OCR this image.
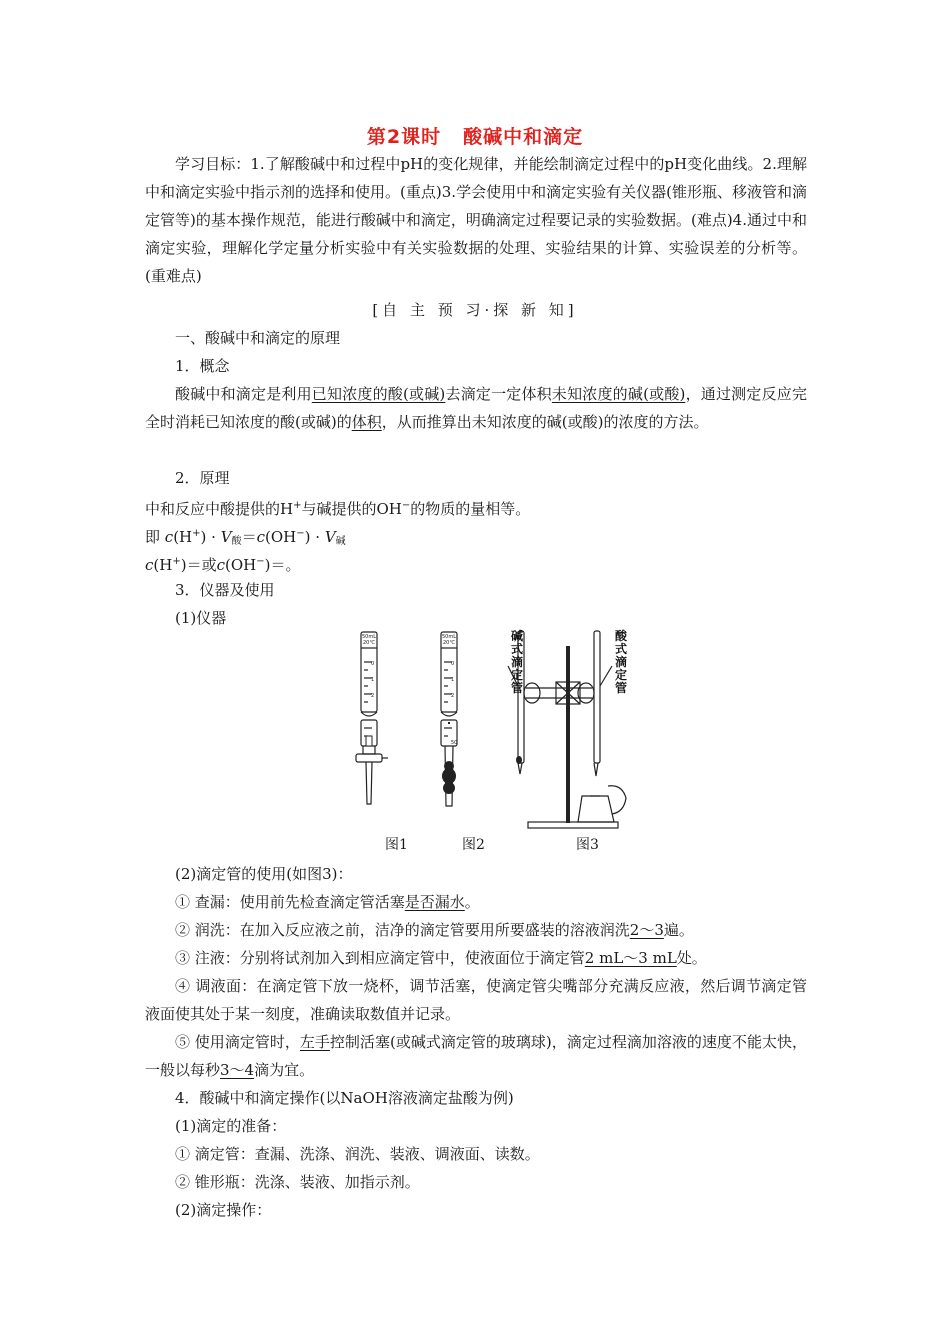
第2课时 酸碱中和滴定
学习目标：1.了解酸碱中和过程中pH的变化规律，并能绘制滴定过程中的pH变化曲线。2.理解中和滴定实验中指示剂的选择和使用。(重点)3.学会使用中和滴定实验有关仪器(锥形瓶、移液管和滴定管等)的基本操作规范，能进行酸碱中和滴定，明确滴定过程要记录的实验数据。(难点)4.通过中和滴定实验，理解化学定量分析实验中有关实验数据的处理、实验结果的计算、实验误差的分析等。(重难点)
[自 主 预 习·探 新 知]
一、酸碱中和滴定的原理
1．概念
酸碱中和滴定是利用已知浓度的酸(或碱)去滴定一定体积未知浓度的碱(或酸)，通过测定反应完全时消耗已知浓度的酸(或碱)的体积，从而推算出未知浓度的碱(或酸)的浓度的方法。
2．原理
中和反应中酸提供的H+与碱提供的OH−的物质的量相等。
即 $c(H^+) \cdot V_酸=c(OH^-) \cdot V_碱$
c(H+)＝或c(OH−)＝。
3．仪器及使用
(1)仪器
50mL
20℃
0
1
2
50mL
20℃
0
1
2
50
碱
式
滴
定
管
酸
式
滴
定
管
图1	图2	图3
(2)滴定管的使用(如图3)：
① 查漏：使用前先检查滴定管活塞是否漏水。
② 润洗：在加入反应液之前，洁净的滴定管要用所要盛装的溶液润洗2～3遍。
③ 注液：分别将试剂加入到相应滴定管中，使液面位于滴定管2 mL～3 mL处。
④ 调液面：在滴定管下放一烧杯，调节活塞，使滴定管尖嘴部分充满反应液，然后调节滴定管液面使其处于某一刻度，准确读取数值并记录。
⑤ 使用滴定管时，左手控制活塞(或碱式滴定管的玻璃球)，滴定过程滴加溶液的速度不能太快，一般以每秒3～4滴为宜。
4．酸碱中和滴定操作(以NaOH溶液滴定盐酸为例)
(1)滴定的准备：
① 滴定管：查漏、洗涤、润洗、装液、调液面、读数。
② 锥形瓶：洗涤、装液、加指示剂。
(2)滴定操作：
